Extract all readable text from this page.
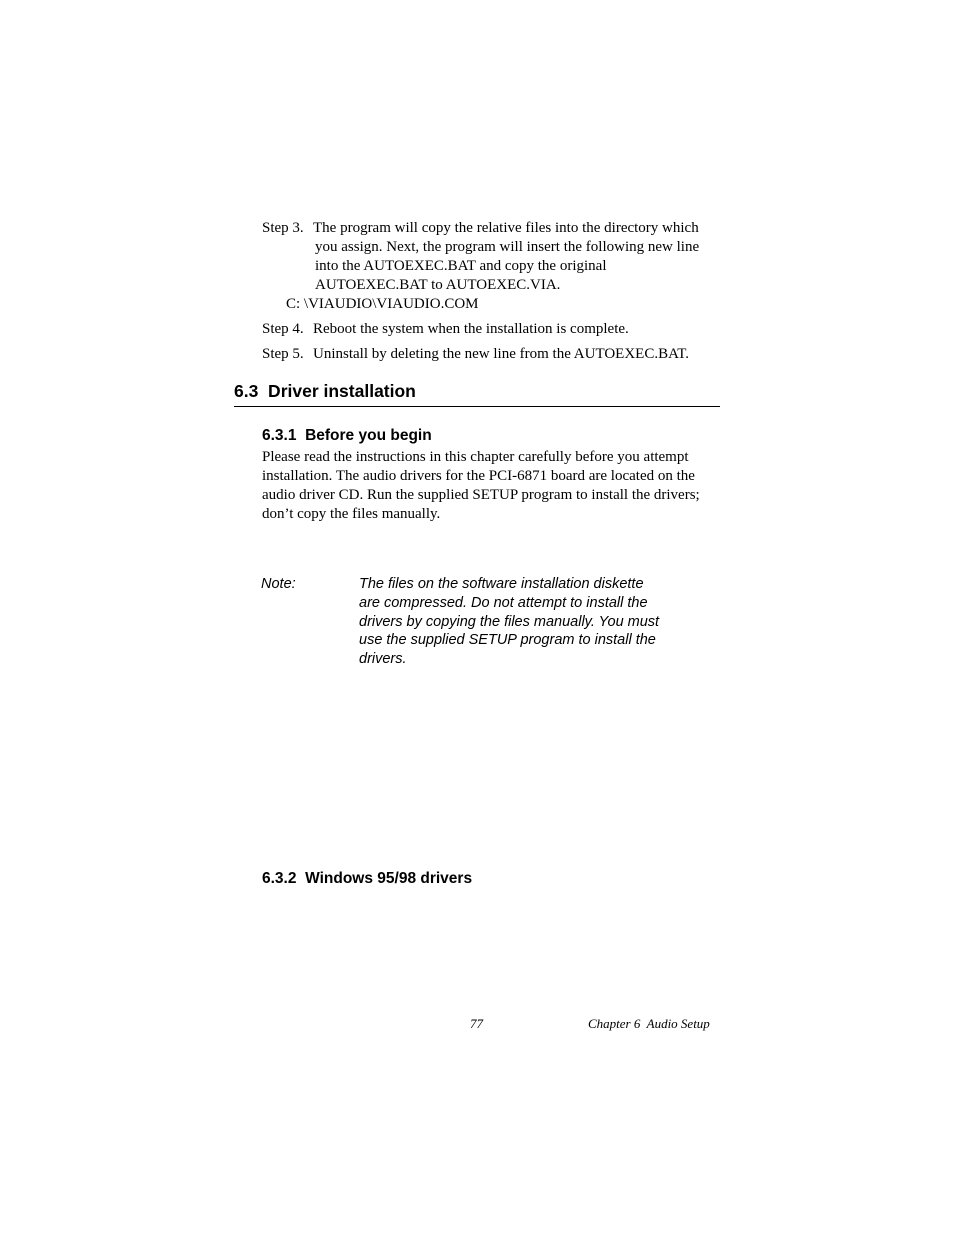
Step 3. The program will copy the relative files into the directory which
you assign. Next, the program will insert the following new line
into the AUTOEXEC.BAT and copy the original
AUTOEXEC.BAT to AUTOEXEC.VIA.
C: \VIAUDIO\VIAUDIO.COM
Step 4. Reboot the system when the installation is complete.
Step 5. Uninstall by deleting the new line from the AUTOEXEC.BAT.
6.3  Driver installation
6.3.1  Before you begin
Please read the instructions in this chapter carefully before you attempt
installation. The audio drivers for the PCI-6871 board are located on the
audio driver CD. Run the supplied SETUP program to install the drivers;
don’t copy the files manually.
Note:	The files on the software installation diskette
are compressed. Do not attempt to install the
drivers by copying the files manually. You must
use the supplied SETUP program to install the
drivers.
6.3.2  Windows 95/98 drivers
77	Chapter 6  Audio Setup
